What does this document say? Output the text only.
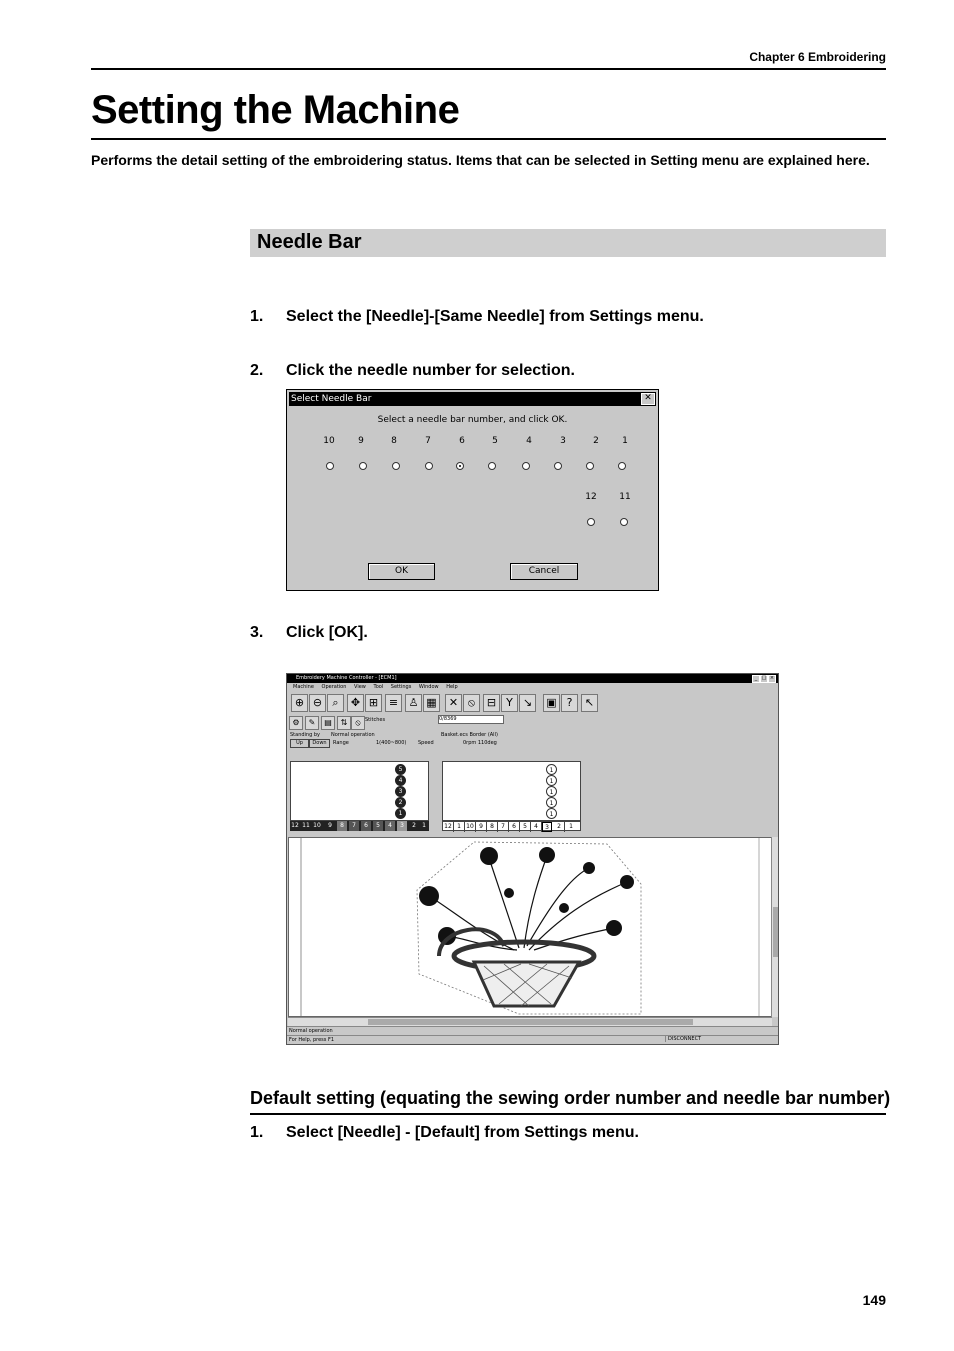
Chapter 6 Embroidering
Setting the Machine
Performs the detail setting of the embroidering status. Items that can be selected in Setting menu are explained here.
Needle Bar
1. Select the [Needle]-[Same Needle] from Settings menu.
2. Click the needle number for selection.
Select Needle Bar	✕
Select a needle bar number, and click OK.
10	9	8	7	6	5	4	3	2	1
12	11
OK	Cancel
3. Click [OK].
Embroidery Machine Controller - [ECM1]	_ □ ×
Machine Operation View Tool Settings Window Help
⊕ ⊖ ⌕	✥ ⊞ ≡ ♙ ▦	✕ ⦸	⊟ Y ↘	▣ ?	↖
⚙	✎	▤	⇅	⦸ Stitches	0/8369
Standing by Normal operation	Basket.ecs Border (All)
Up	Down	Range	1(400~800) Speed	0rpm 110deg
5
4
3
2
1
12 11 10	9	8	7	6	5	4	3	2	1
1
1
1
1
1
12 1 10 9	8	7	6	5	4	3	2	1
Normal operation
For Help, press F1	DISCONNECT
Default setting (equating the sewing order number and needle bar number)
1. Select [Needle] - [Default] from Settings menu.
149
